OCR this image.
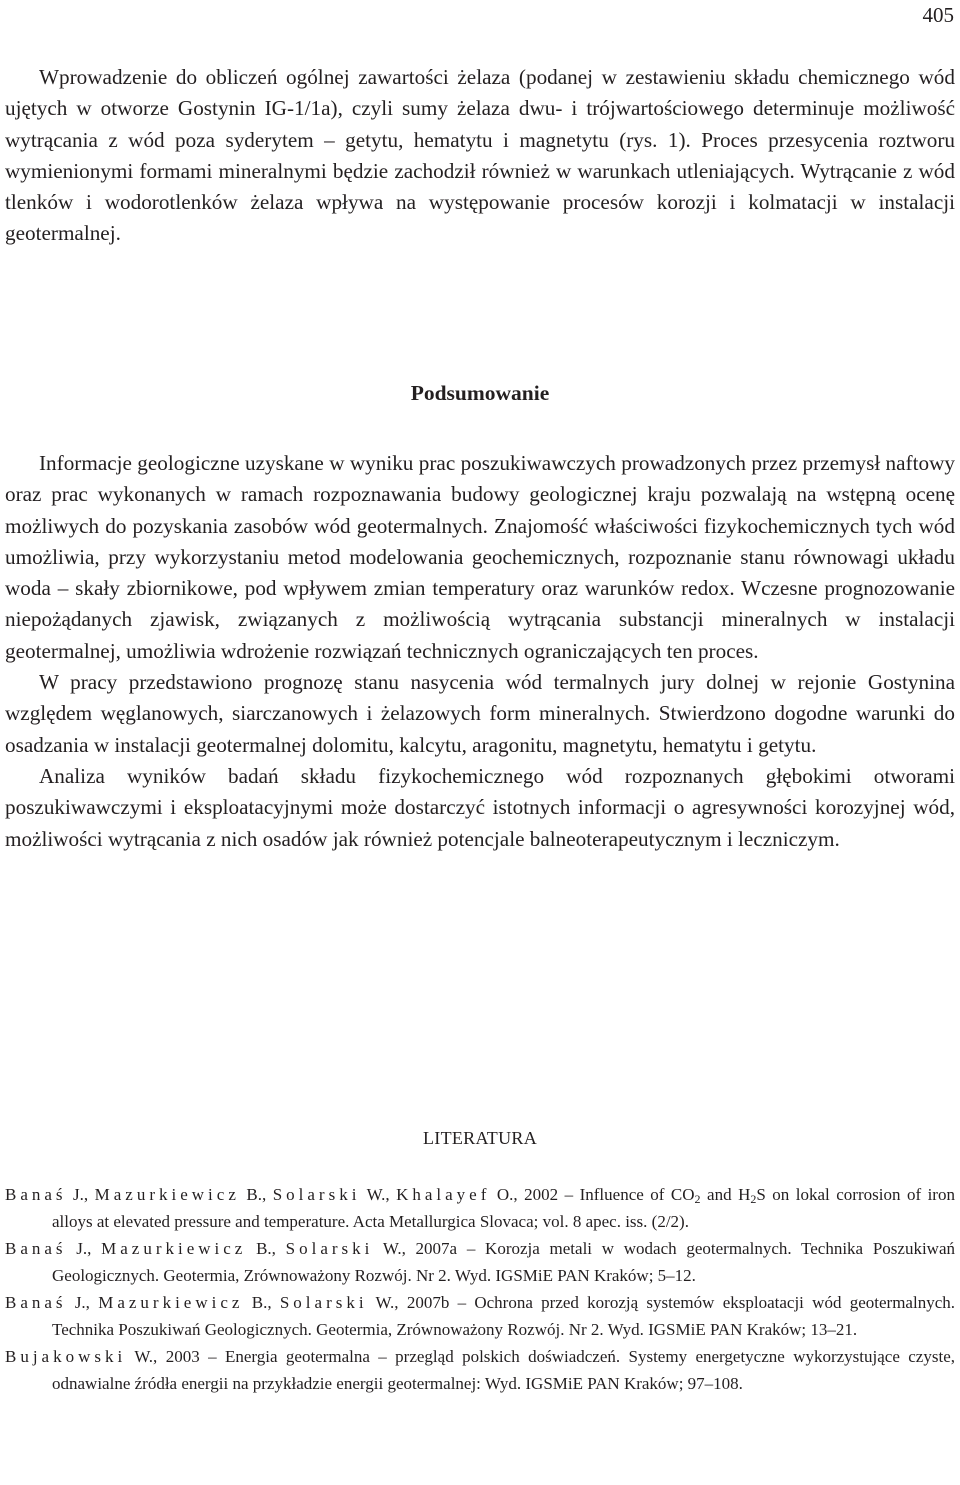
405

Wprowadzenie do obliczeń ogólnej zawartości żelaza (podanej w zestawieniu składu chemicznego wód ujętych w otworze Gostynin IG-1/1a), czyli sumy żelaza dwu- i trójwartościowego determinuje możliwość wytrącania z wód poza syderytem – getytu, hematytu i magnetytu (rys. 1). Proces przesycenia roztworu wymienionymi formami mineralnymi będzie zachodził również w warunkach utleniających. Wytrącanie z wód tlenków i wodorotlenków żelaza wpływa na występowanie procesów korozji i kolmatacji w instalacji geotermalnej.

Podsumowanie

Informacje geologiczne uzyskane w wyniku prac poszukiwawczych prowadzonych przez przemysł naftowy oraz prac wykonanych w ramach rozpoznawania budowy geologicznej kraju pozwalają na wstępną ocenę możliwych do pozyskania zasobów wód geotermalnych. Znajomość właściwości fizykochemicznych tych wód umożliwia, przy wykorzystaniu metod modelowania geochemicznych, rozpoznanie stanu równowagi układu woda – skały zbiornikowe, pod wpływem zmian temperatury oraz warunków redox. Wczesne prognozowanie niepożądanych zjawisk, związanych z możliwością wytrącania substancji mineralnych w instalacji geotermalnej, umożliwia wdrożenie rozwiązań technicznych ograniczających ten proces.

W pracy przedstawiono prognozę stanu nasycenia wód termalnych jury dolnej w rejonie Gostynina względem węglanowych, siarczanowych i żelazowych form mineralnych. Stwierdzono dogodne warunki do osadzania w instalacji geotermalnej dolomitu, kalcytu, aragonitu, magnetytu, hematytu i getytu.

Analiza wyników badań składu fizykochemicznego wód rozpoznanych głębokimi otworami poszukiwawczymi i eksploatacyjnymi może dostarczyć istotnych informacji o agresywności korozyjnej wód, możliwości wytrącania z nich osadów jak również potencjale balneoterapeutycznym i leczniczym.

LITERATURA
Banaś J., Mazurkiewicz B., Solarski W., Khalayef O., 2002 – Influence of $CO_2$ and $H_2S$ on lokal corrosion of iron alloys at elevated pressure and temperature. Acta Metallurgica Slovaca; vol. 8 apec. iss. (2/2).
Banaś J., Mazurkiewicz B., Solarski W., 2007a – Korozja metali w wodach geotermalnych. Technika Poszukiwań Geologicznych. Geotermia, Zrównoważony Rozwój. Nr 2. Wyd. IGSMiE PAN Kraków; 5–12.
Banaś J., Mazurkiewicz B., Solarski W., 2007b – Ochrona przed korozją systemów eksploatacji wód geotermalnych. Technika Poszukiwań Geologicznych. Geotermia, Zrównoważony Rozwój. Nr 2. Wyd. IGSMiE PAN Kraków; 13–21.
Bujakowski W., 2003 – Energia geotermalna – przegląd polskich doświadczeń. Systemy energetyczne wykorzystujące czyste, odnawialne źródła energii na przykładzie energii geotermalnej: Wyd. IGSMiE PAN Kraków; 97–108.
